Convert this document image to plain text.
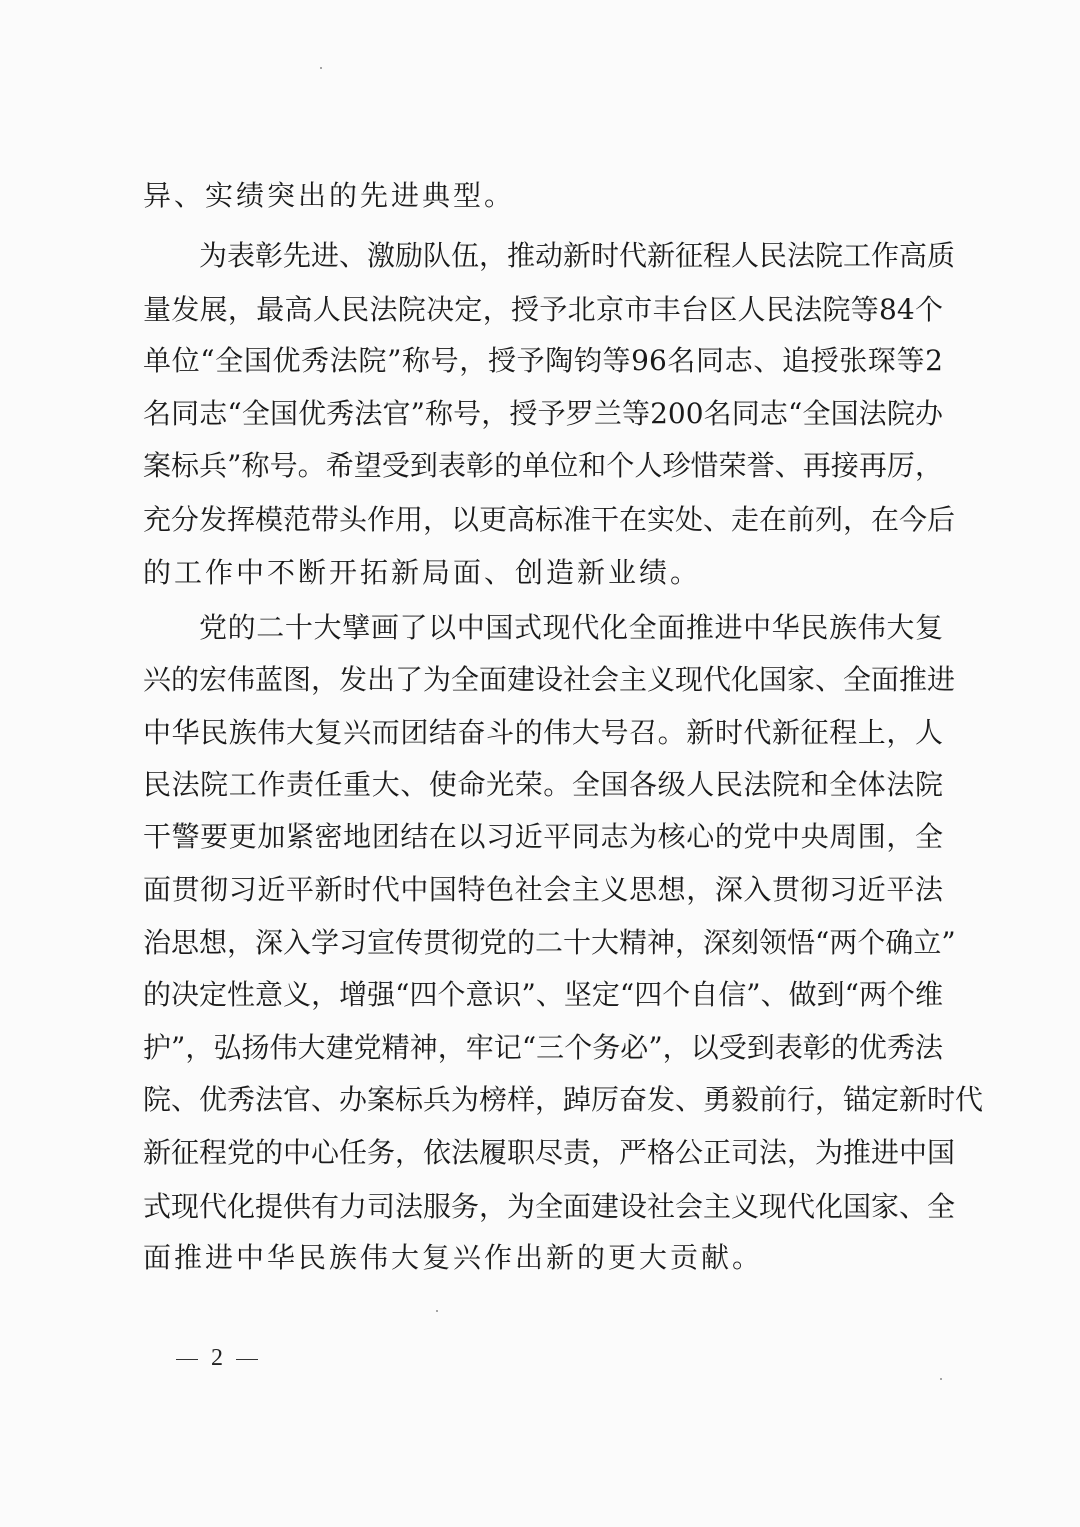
异、实绩突出的先进典型。
为表彰先进、激励队伍，推动新时代新征程人民法院工作高质
量发展，最高人民法院决定，授予北京市丰台区人民法院等84个
单位“全国优秀法院”称号，授予陶钧等96名同志、追授张琛等2
名同志“全国优秀法官”称号，授予罗兰等200名同志“全国法院办
案标兵”称号。希望受到表彰的单位和个人珍惜荣誉、再接再厉，
充分发挥模范带头作用，以更高标准干在实处、走在前列，在今后
的工作中不断开拓新局面、创造新业绩。
党的二十大擘画了以中国式现代化全面推进中华民族伟大复
兴的宏伟蓝图，发出了为全面建设社会主义现代化国家、全面推进
中华民族伟大复兴而团结奋斗的伟大号召。新时代新征程上，人
民法院工作责任重大、使命光荣。全国各级人民法院和全体法院
干警要更加紧密地团结在以习近平同志为核心的党中央周围，全
面贯彻习近平新时代中国特色社会主义思想，深入贯彻习近平法
治思想，深入学习宣传贯彻党的二十大精神，深刻领悟“两个确立”
的决定性意义，增强“四个意识”、坚定“四个自信”、做到“两个维
护”，弘扬伟大建党精神，牢记“三个务必”，以受到表彰的优秀法
院、优秀法官、办案标兵为榜样，踔厉奋发、勇毅前行，锚定新时代
新征程党的中心任务，依法履职尽责，严格公正司法，为推进中国
式现代化提供有力司法服务，为全面建设社会主义现代化国家、全
面推进中华民族伟大复兴作出新的更大贡献。
2
